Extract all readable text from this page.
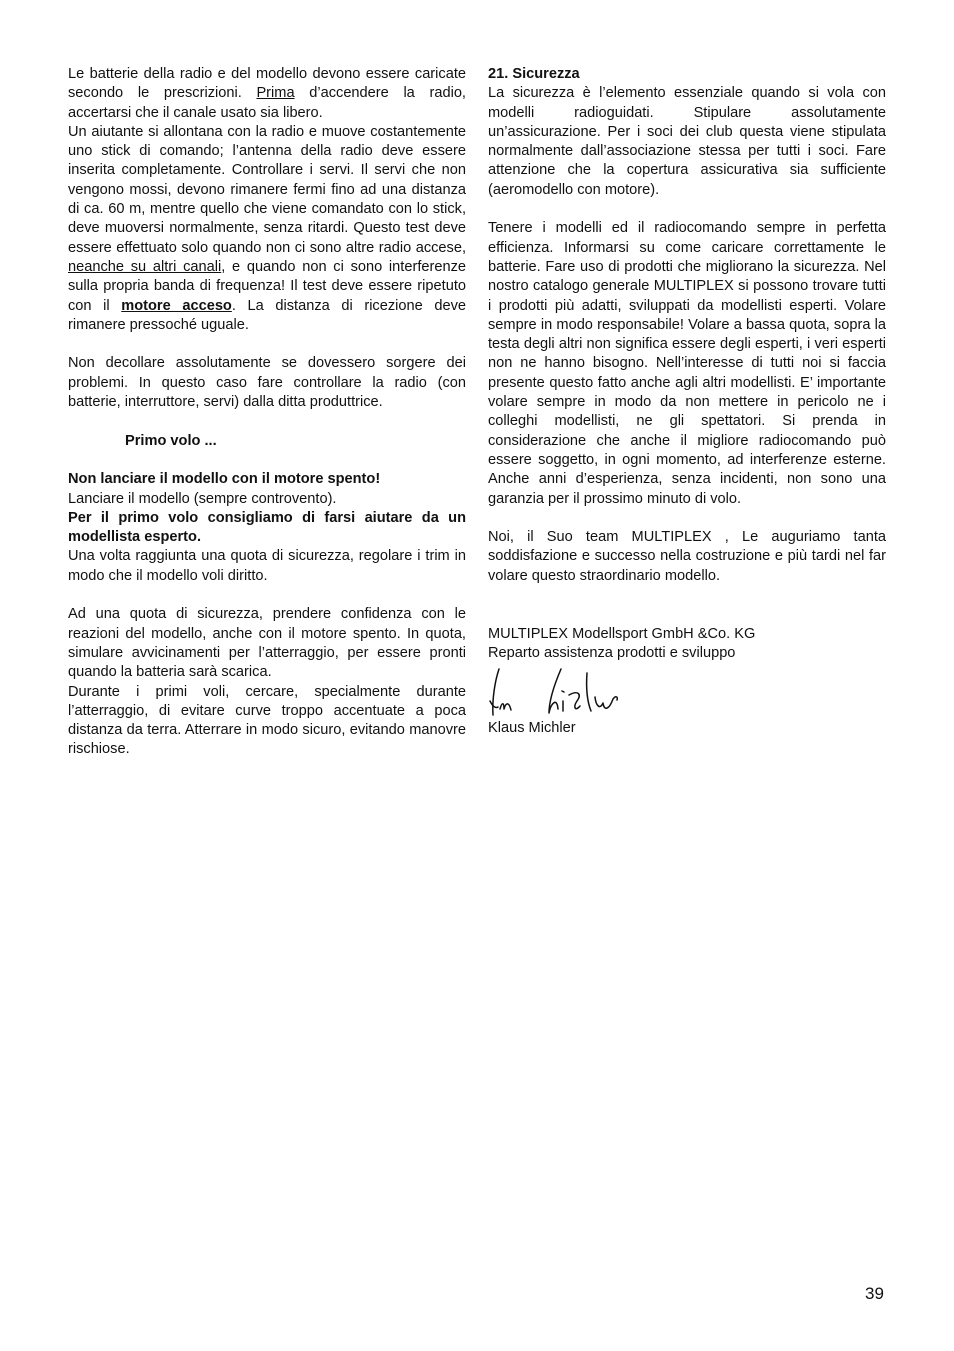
Le batterie della radio e del modello devono essere caricate secondo le prescrizioni. Prima d’accendere la radio, accertarsi che il canale usato sia libero.

Un aiutante si allontana con la radio e muove costantemente uno stick di comando; l’antenna della radio deve essere inserita completamente. Controllare i servi. Il servi che non vengono mossi, devono rimanere fermi fino ad una distanza di ca. 60 m, mentre quello che viene comandato con lo stick, deve muoversi normalmente, senza ritardi. Questo test deve essere effettuato solo quando non ci sono altre radio accese, neanche su altri canali, e quando non ci sono interferenze sulla propria banda di frequenza! Il test deve essere ripetuto con il motore acceso. La distanza di ricezione deve rimanere pressoché uguale.

Non decollare assolutamente se dovessero sorgere dei problemi. In questo caso fare controllare la radio (con batterie, interruttore, servi) dalla ditta produttrice.

Primo volo ...

Non lanciare il modello con il motore spento!

Lanciare il modello (sempre controvento).

Per il primo volo consigliamo di farsi aiutare da un modellista esperto.

Una volta raggiunta una quota di sicurezza, regolare i trim in modo che il modello voli diritto.

Ad una quota di sicurezza, prendere confidenza con le reazioni del modello, anche con il motore spento. In quota, simulare avvicinamenti per l’atterraggio, per essere pronti quando la batteria sarà scarica.

Durante i primi voli, cercare, specialmente durante l’atterraggio, di evitare curve troppo accentuate a poca distanza da terra. Atterrare in modo sicuro, evitando manovre rischiose.

21. Sicurezza

La sicurezza è l’elemento essenziale quando si vola con modelli radioguidati. Stipulare assolutamente un’assicurazione. Per i soci dei club questa viene stipulata normalmente dall’associazione stessa per tutti i soci. Fare attenzione che la copertura assicurativa sia sufficiente (aeromodello con motore).

Tenere i modelli ed il radiocomando sempre in perfetta efficienza. Informarsi su come caricare correttamente le batterie. Fare uso di prodotti che migliorano la sicurezza. Nel nostro catalogo generale MULTIPLEX si possono trovare tutti i prodotti più adatti, sviluppati da modellisti esperti. Volare sempre in modo responsabile! Volare a bassa quota, sopra la testa degli altri non significa essere degli esperti, i veri esperti non ne hanno bisogno. Nell’interesse di tutti noi si faccia presente questo fatto anche agli altri modellisti. E’ importante volare sempre in modo da non mettere in pericolo ne i colleghi modellisti, ne gli spettatori. Si prenda in considerazione che anche il migliore radiocomando può essere soggetto, in ogni momento, ad interferenze esterne. Anche anni d’esperienza, senza incidenti, non sono una garanzia per il prossimo minuto di volo.

Noi, il Suo team MULTIPLEX , Le auguriamo tanta soddisfazione e successo nella costruzione e più tardi nel far volare questo straordinario modello.

MULTIPLEX Modellsport GmbH &Co. KG

Reparto assistenza prodotti e sviluppo

Klaus Michler

39
